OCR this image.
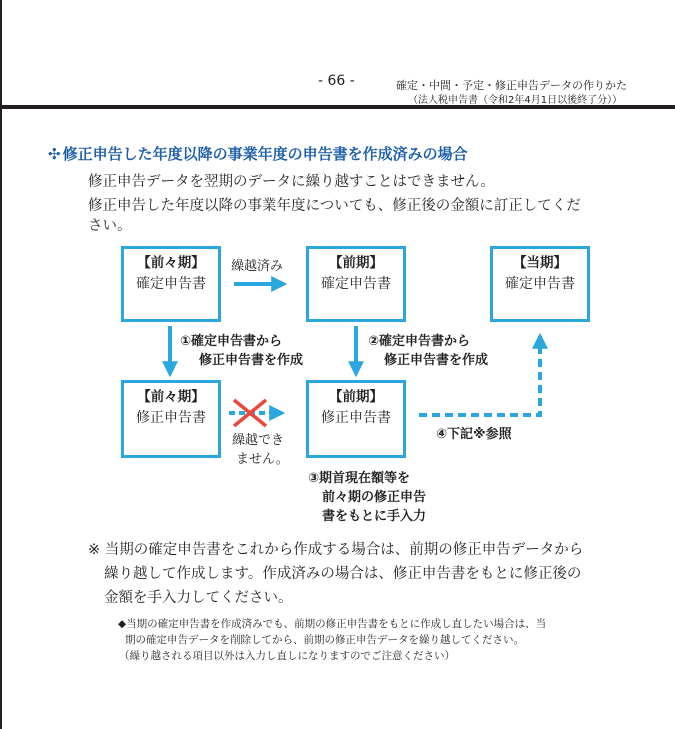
- 66 -	確定・中間・予定・修正申告データの作りかた
（法人税申告書（令和2年4月1日以後終了分））
✣ 修正申告した年度以降の事業年度の申告書を作成済みの場合
修正申告データを翌期のデータに繰り越すことはできません。
修正申告した年度以降の事業年度についても、修正後の金額に訂正してくだ
さい。
【前々期】
確定申告書
【前期】
確定申告書
【当期】
確定申告書
【前々期】
修正申告書
【前期】
修正申告書
繰越済み
①確定申告書から
修正申告書を作成
②確定申告書から
修正申告書を作成
繰越でき
ません。
③期首現在額等を
前々期の修正申告
書をもとに手入力
④下記※参照
※ 当期の確定申告書をこれから作成する場合は、前期の修正申告データから
繰り越して作成します。作成済みの場合は、修正申告書をもとに修正後の
金額を手入力してください。
◆当期の確定申告書を作成済みでも、前期の修正申告書をもとに作成し直したい場合は、当
期の確定申告データを削除してから、前期の修正申告データを繰り越してください。
（繰り越される項目以外は入力し直しになりますのでご注意ください）
